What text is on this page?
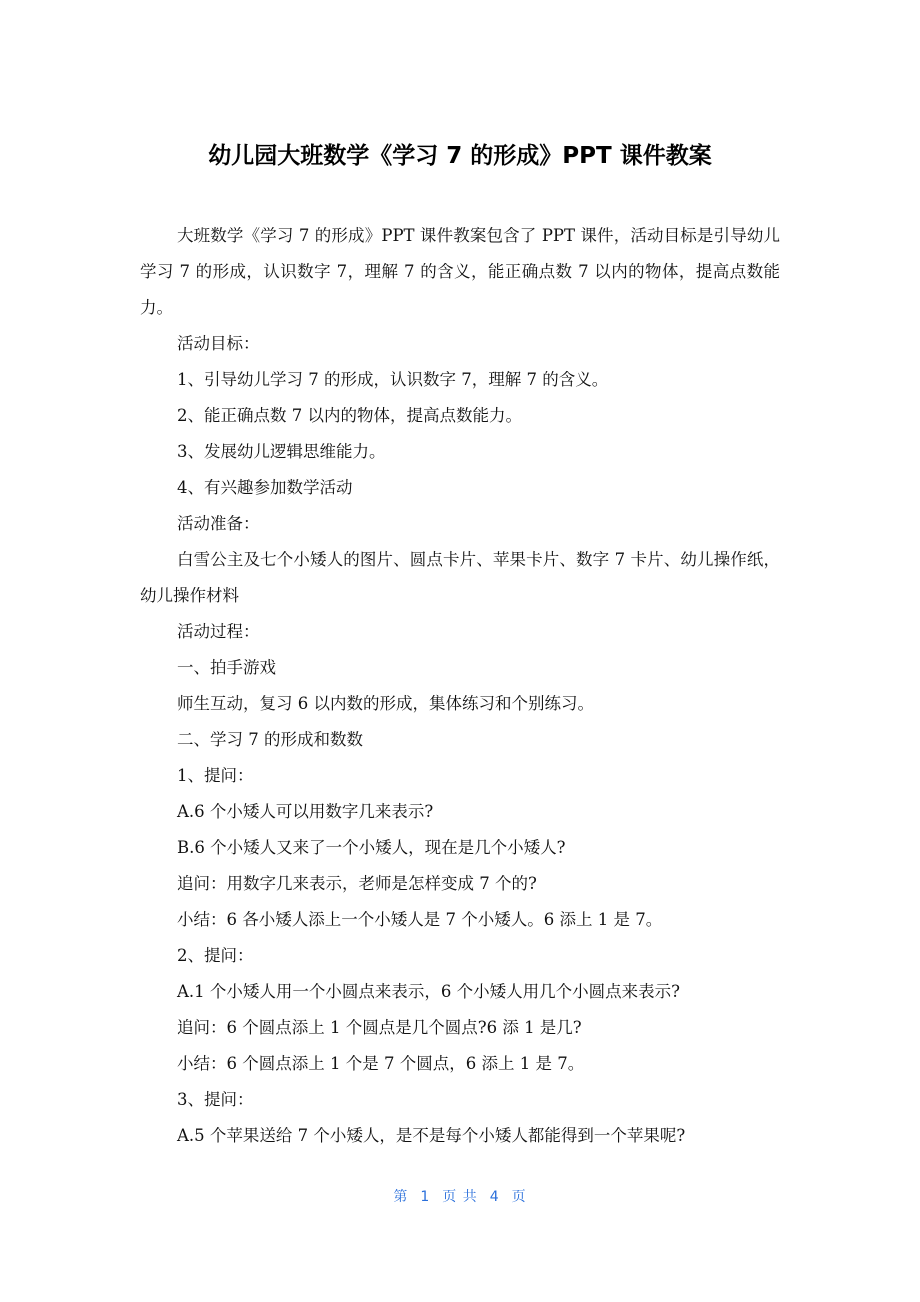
幼儿园大班数学《学习 7 的形成》PPT 课件教案

大班数学《学习 7 的形成》PPT 课件教案包含了 PPT 课件，活动目标是引导幼儿学习 7 的形成，认识数字 7，理解 7 的含义，能正确点数 7 以内的物体，提高点数能力。

活动目标：

1、引导幼儿学习 7 的形成，认识数字 7，理解 7 的含义。

2、能正确点数 7 以内的物体，提高点数能力。

3、发展幼儿逻辑思维能力。

4、有兴趣参加数学活动

活动准备：

白雪公主及七个小矮人的图片、圆点卡片、苹果卡片、数字 7 卡片、幼儿操作纸，幼儿操作材料

活动过程：

一、拍手游戏

师生互动，复习 6 以内数的形成，集体练习和个别练习。

二、学习 7 的形成和数数

1、提问：

A.6 个小矮人可以用数字几来表示?

B.6 个小矮人又来了一个小矮人，现在是几个小矮人?

追问：用数字几来表示，老师是怎样变成 7 个的?

小结：6 各小矮人添上一个小矮人是 7 个小矮人。6 添上 1 是 7。

2、提问：

A.1 个小矮人用一个小圆点来表示，6 个小矮人用几个小圆点来表示?

追问：6 个圆点添上 1 个圆点是几个圆点?6 添 1 是几?

小结：6 个圆点添上 1 个是 7 个圆点，6 添上 1 是 7。

3、提问：

A.5 个苹果送给 7 个小矮人，是不是每个小矮人都能得到一个苹果呢?

第 1 页 共 4 页
